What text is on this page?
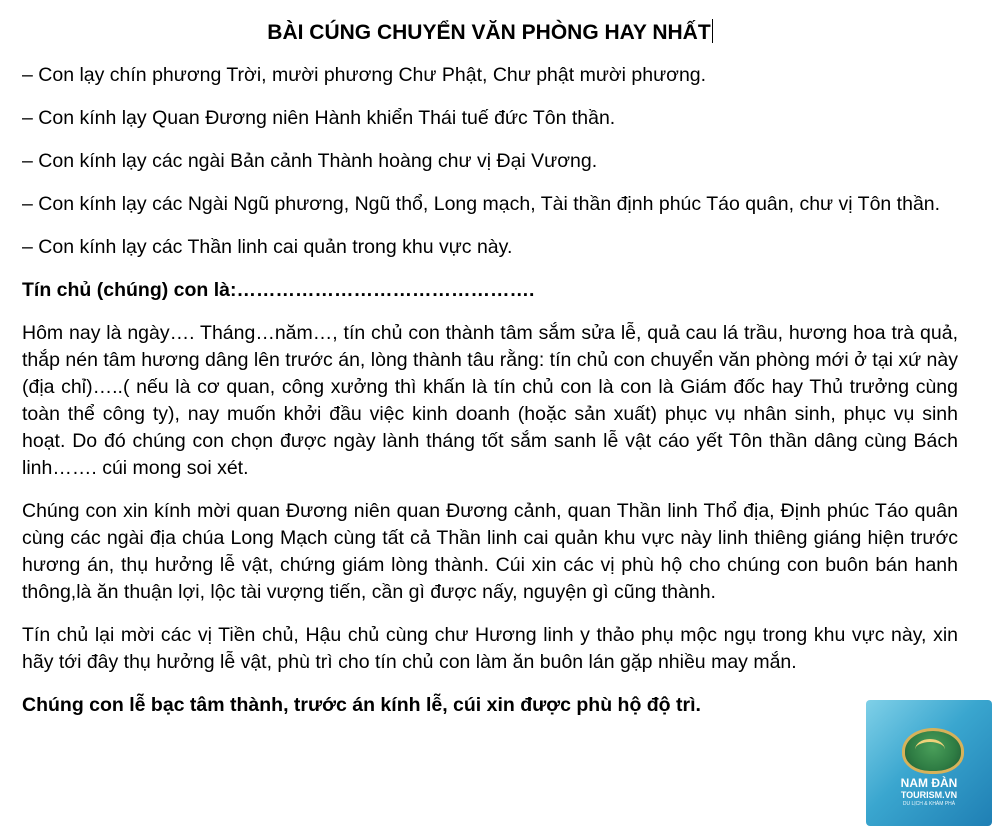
BÀI CÚNG CHUYỂN VĂN PHÒNG HAY NHẤT

– Con lạy chín phương Trời, mười phương Chư Phật, Chư phật mười phương.

– Con kính lạy Quan Đương niên Hành khiển Thái tuế đức Tôn thần.

– Con kính lạy các ngài Bản cảnh Thành hoàng chư vị Đại Vương.

– Con kính lạy các Ngài Ngũ phương, Ngũ thổ, Long mạch, Tài thần định phúc Táo quân, chư vị Tôn thần.

– Con kính lạy các Thần linh cai quản trong khu vực này.

Tín chủ (chúng) con là:……………………………………….

Hôm nay là ngày…. Tháng…năm…, tín chủ con thành tâm sắm sửa lễ, quả cau lá trầu, hương hoa trà quả, thắp nén tâm hương dâng lên trước án, lòng thành tâu rằng: tín chủ con chuyển văn phòng mới ở tại xứ này (địa chỉ)…..( nếu là cơ quan, công xưởng thì khấn là tín chủ con là con là Giám đốc hay Thủ trưởng cùng toàn thể công ty), nay muốn khởi đầu việc kinh doanh (hoặc sản xuất) phục vụ nhân sinh, phục vụ sinh hoạt. Do đó chúng con chọn được ngày lành tháng tốt sắm sanh lễ vật cáo yết Tôn thần dâng cùng Bách linh……. cúi mong soi xét.

Chúng con xin kính mời quan Đương niên quan Đương cảnh, quan Thần linh Thổ địa, Định phúc Táo quân cùng các ngài địa chúa Long Mạch cùng tất cả Thần linh cai quản khu vực này linh thiêng giáng hiện trước hương án, thụ hưởng lễ vật, chứng giám lòng thành. Cúi xin các vị phù hộ cho chúng con buôn bán hanh thông,là ăn thuận lợi, lộc tài vượng tiến, cần gì được nấy, nguyện gì cũng thành.

Tín chủ lại mời các vị Tiền chủ, Hậu chủ cùng chư Hương linh y thảo phụ mộc ngụ trong khu vực này, xin hãy tới đây thụ hưởng lễ vật, phù trì cho tín chủ con làm ăn buôn lán gặp nhiều may mắn.

Chúng con lễ bạc tâm thành, trước án kính lễ, cúi xin được phù hộ độ trì.

NAM ĐÀN
TOURISM.VN
DU LỊCH & KHÁM PHÁ
